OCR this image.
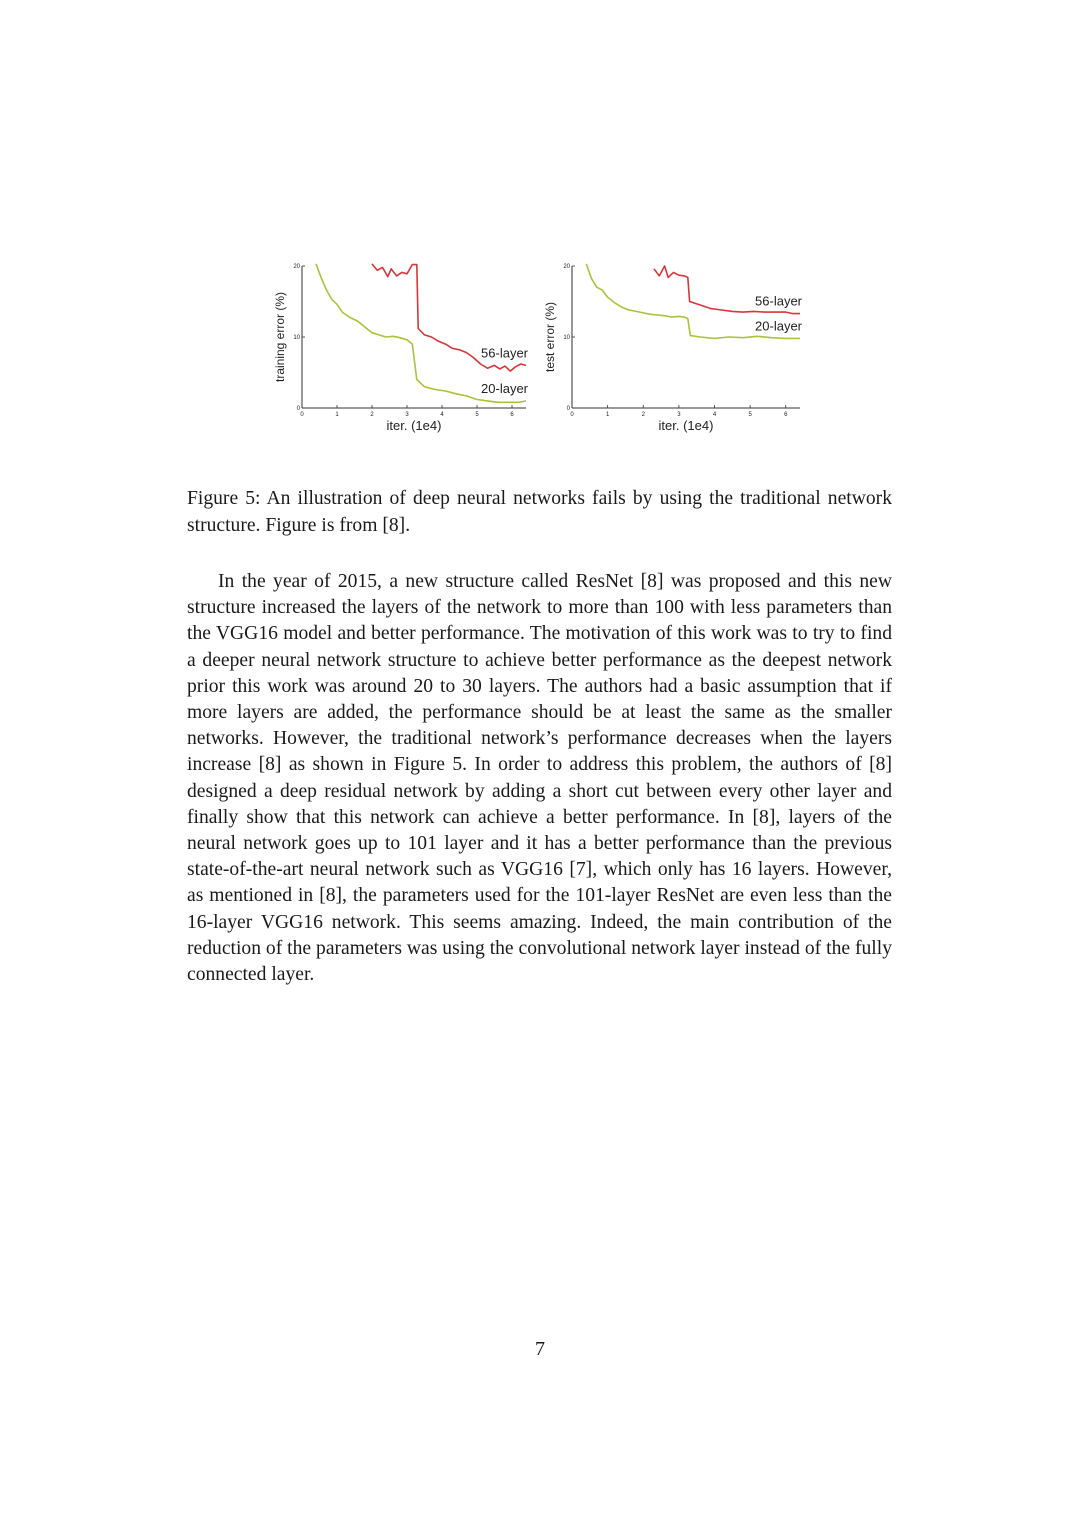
0	1	2	3	4	5	6
0
10
20
iter. (1e4)
training error (%)	56-layer
20-layer
0	1	2	3	4	5	6
0
10
20
iter. (1e4)
test error (%)
56-layer
20-layer

Figure 5: An illustration of deep neural networks fails by using the traditional network structure. Figure is from [8].

In the year of 2015, a new structure called ResNet [8] was proposed and this new structure increased the layers of the network to more than 100 with less parameters than the VGG16 model and better performance. The motivation of this work was to try to find a deeper neural network structure to achieve better performance as the deepest network prior this work was around 20 to 30 layers. The authors had a basic assumption that if more layers are added, the performance should be at least the same as the smaller networks. However, the traditional network’s performance decreases when the layers increase [8] as shown in Figure 5. In order to address this problem, the authors of [8] designed a deep residual network by adding a short cut between every other layer and finally show that this network can achieve a better performance. In [8], layers of the neural network goes up to 101 layer and it has a better performance than the previous state-of-the-art neural network such as VGG16 [7], which only has 16 layers. However, as mentioned in [8], the parameters used for the 101-layer ResNet are even less than the 16-layer VGG16 network. This seems amazing. Indeed, the main contribution of the reduction of the parameters was using the convolutional network layer instead of the fully connected layer.

7
